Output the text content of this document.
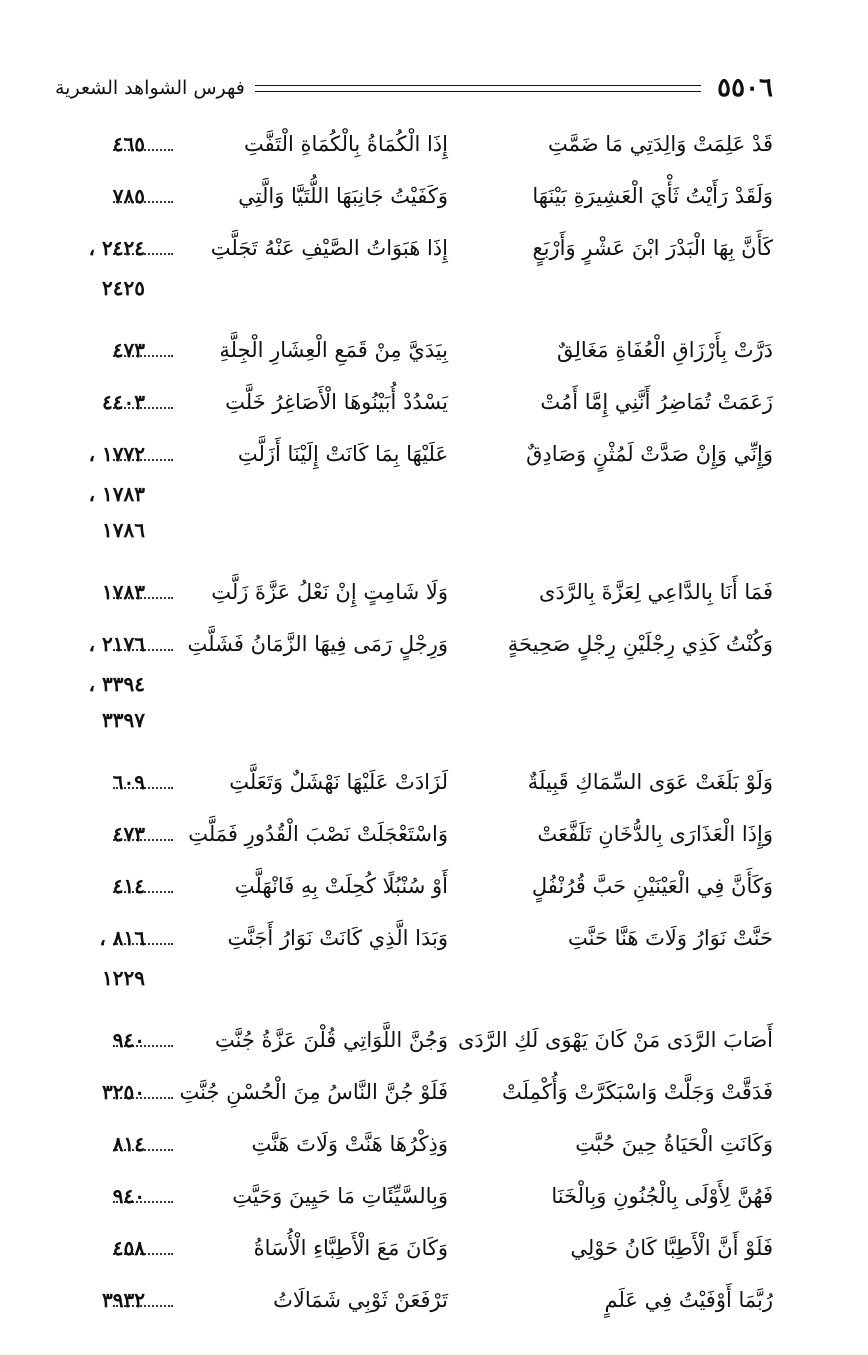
٥٥٠٦
فهرس الشواهد الشعرية
قَدْ عَلِمَتْ وَالِدَتِي مَا ضَمَّتِ
إِذَا الْكُمَاةُ بِالْكُمَاةِ الْتَفَّتِ
٤٦٥
وَلَقَدْ رَأَيْتُ ثَأْيَ الْعَشِيرَةِ بَيْنَهَا
وَكَفَيْتُ جَانِبَهَا اللُّتَيَّا وَالَّتِي
٧٨٥
كَأَنَّ بِهَا الْبَدْرَ ابْنَ عَشْرٍ وَأَرْبَعٍ
إِذَا هَبَوَاتُ الصَّيْفِ عَنْهُ تَجَلَّتِ
٢٤٢٤ ،
٢٤٢٥
دَرَّتْ بِأَرْزَاقِ الْعُفَاةِ مَغَالِقٌ
بِيَدَيَّ مِنْ قَمَعِ الْعِشَارِ الْجِلَّةِ
٤٧٣
زَعَمَتْ تُمَاضِرُ أَنَّنِي إِمَّا أَمُتْ
يَسْدُدْ أُبَيْنُوهَا الْأَصَاغِرُ خَلَّتِ
٤٤٠٣
وَإِنِّي وَإِنْ صَدَّتْ لَمُثْنٍ وَصَادِقٌ
عَلَيْهَا بِمَا كَانَتْ إِلَيْنَا أَزَلَّتِ
١٧٧٢ ،
١٧٨٣ ،
١٧٨٦
فَمَا أَنَا بِالدَّاعِي لِعَزَّةَ بِالرَّدَى
وَلَا شَامِتٍ إِنْ نَعْلُ عَزَّةَ زَلَّتِ
١٧٨٣
وَكُنْتُ كَذِي رِجْلَيْنِ رِجْلٍ صَحِيحَةٍ
وَرِجْلٍ رَمَى فِيهَا الزَّمَانُ فَشَلَّتِ
٢١٧٦ ،
٣٣٩٤ ،
٣٣٩٧
وَلَوْ بَلَغَتْ عَوَى السِّمَاكِ قَبِيلَةٌ
لَزَادَتْ عَلَيْهَا نَهْشَلٌ وَتَعَلَّتِ
٦٠٩
وَإِذَا الْعَذَارَى بِالدُّخَانِ تَلَفَّعَتْ
وَاسْتَعْجَلَتْ نَصْبَ الْقُدُورِ فَمَلَّتِ
٤٧٣
وَكَأَنَّ فِي الْعَيْنَيْنِ حَبَّ قُرُنْفُلٍ
أَوْ سُنْبُلًا كُحِلَتْ بِهِ فَانْهَلَّتِ
٤١٤
حَنَّتْ نَوَارُ وَلَاتَ هَنَّا حَنَّتِ
وَبَدَا الَّذِي كَانَتْ نَوَارُ أَجَنَّتِ
٨١٦ ،
١٢٢٩
أَصَابَ الرَّدَى مَنْ كَانَ يَهْوَى لَكِ الرَّدَى
وَجُنَّ اللَّوَاتِي قُلْنَ عَزَّةُ جُنَّتِ
٩٤٠
فَدَقَّتْ وَجَلَّتْ وَاسْبَكَرَّتْ وَأُكْمِلَتْ
فَلَوْ جُنَّ النَّاسُ مِنَ الْحُسْنِ جُنَّتِ
٣٢٥٠
وَكَانَتِ الْحَيَاةُ حِينَ حُبَّتِ
وَذِكْرُهَا هَنَّتْ وَلَاتَ هَنَّتِ
٨١٤
فَهُنَّ لِأَوْلَى بِالْجُنُونِ وَبِالْخَنَا
وَبِالسَّيِّئَاتِ مَا حَيِينَ وَحَيَّتِ
٩٤٠
فَلَوْ أَنَّ الْأَطِبَّا كَانُ حَوْلِي
وَكَانَ مَعَ الْأَطِبَّاءِ الْأُسَاةُ
٤٥٨
رُبَّمَا أَوْفَيْتُ فِي عَلَمٍ
تَرْفَعَنْ ثَوْبِي شَمَالَاتُ
٣٩٣٢
